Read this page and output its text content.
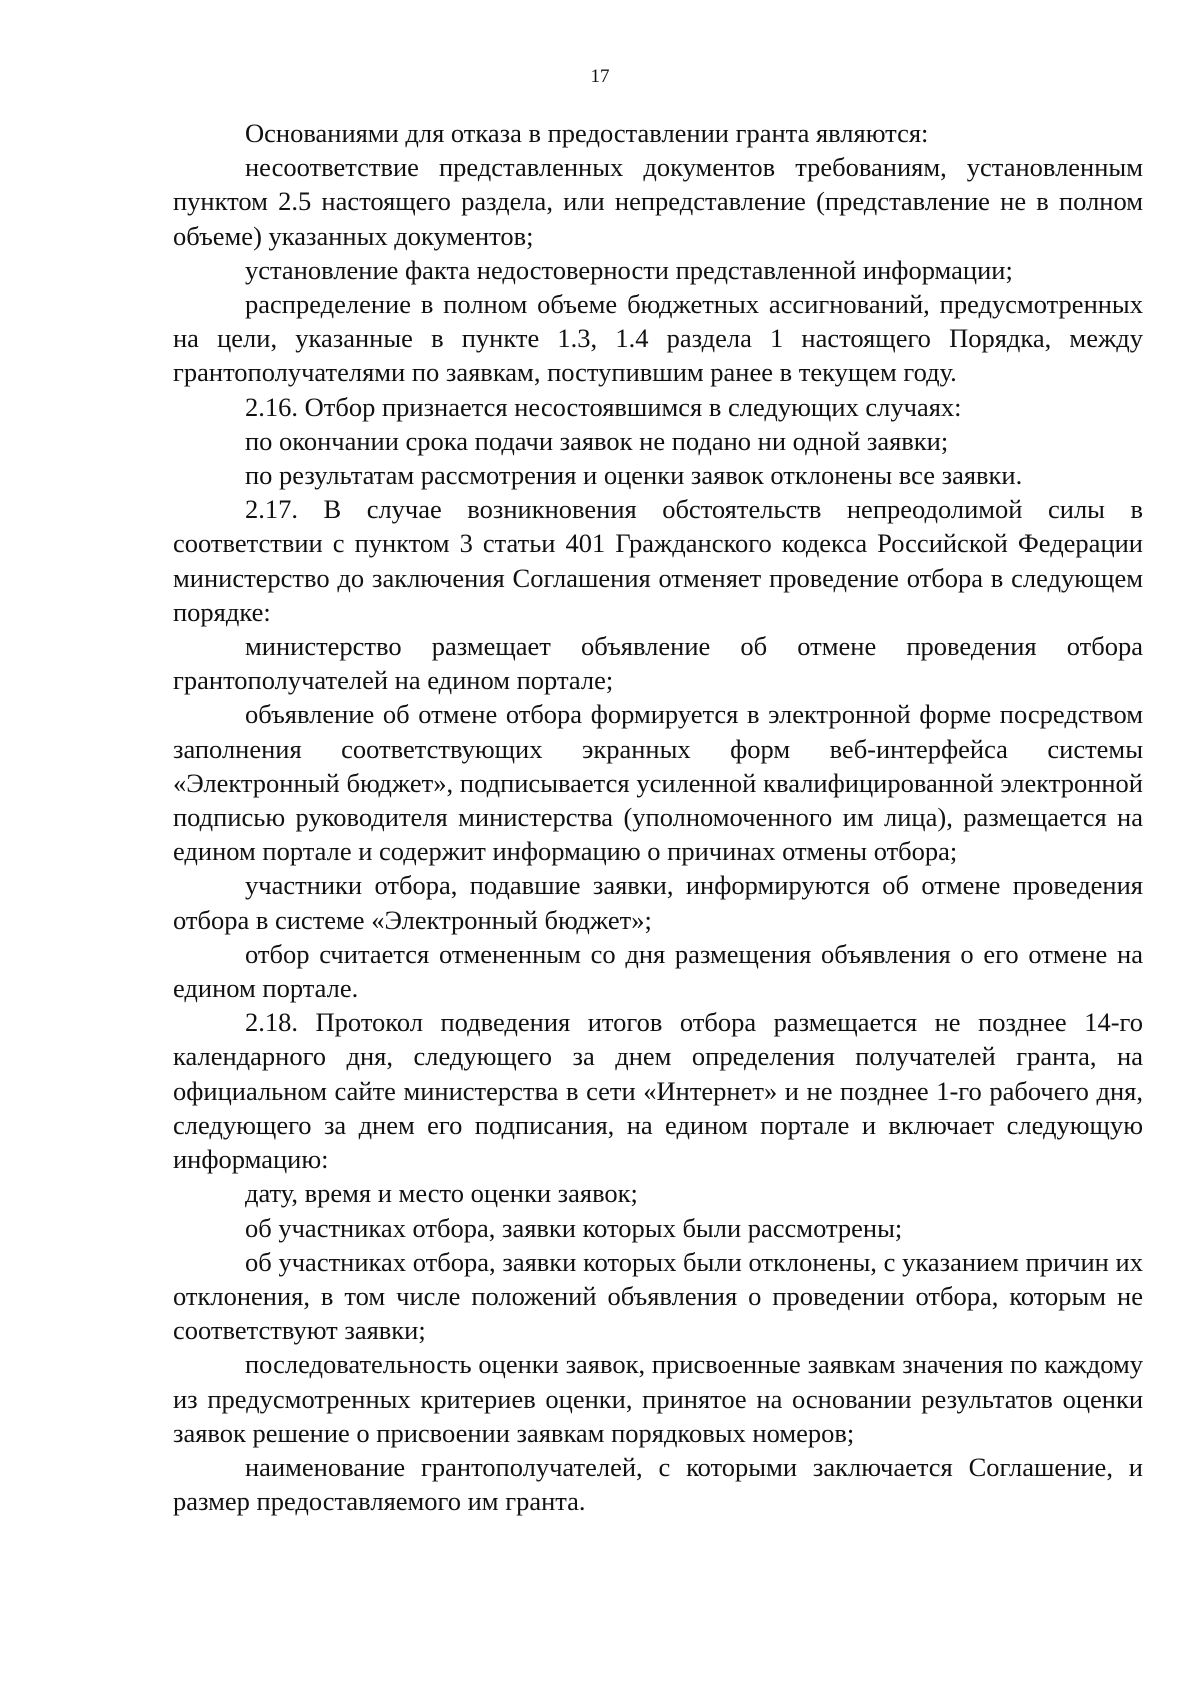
17

Основаниями для отказа в предоставлении гранта являются:

несоответствие представленных документов требованиям, установленным пунктом 2.5 настоящего раздела, или непредставление (представление не в полном объеме) указанных документов;

установление факта недостоверности представленной информации;

распределение в полном объеме бюджетных ассигнований, предусмотренных на цели, указанные в пункте 1.3, 1.4 раздела 1 настоящего Порядка, между грантополучателями по заявкам, поступившим ранее в текущем году.

2.16. Отбор признается несостоявшимся в следующих случаях:

по окончании срока подачи заявок не подано ни одной заявки;

по результатам рассмотрения и оценки заявок отклонены все заявки.

2.17. В случае возникновения обстоятельств непреодолимой силы в соответствии с пунктом 3 статьи 401 Гражданского кодекса Российской Федерации министерство до заключения Соглашения отменяет проведение отбора в следующем порядке:

министерство размещает объявление об отмене проведения отбора грантополучателей на едином портале;

объявление об отмене отбора формируется в электронной форме посредством заполнения соответствующих экранных форм веб-интерфейса системы «Электронный бюджет», подписывается усиленной квалифицированной электронной подписью руководителя министерства (уполномоченного им лица), размещается на едином портале и содержит информацию о причинах отмены отбора;

участники отбора, подавшие заявки, информируются об отмене проведения отбора в системе «Электронный бюджет»;

отбор считается отмененным со дня размещения объявления о его отмене на едином портале.

2.18. Протокол подведения итогов отбора размещается не позднее 14-го календарного дня, следующего за днем определения получателей гранта, на официальном сайте министерства в сети «Интернет» и не позднее 1-го рабочего дня, следующего за днем его подписания, на едином портале и включает следующую информацию:

дату, время и место оценки заявок;

об участниках отбора, заявки которых были рассмотрены;

об участниках отбора, заявки которых были отклонены, с указанием причин их отклонения, в том числе положений объявления о проведении отбора, которым не соответствуют заявки;

последовательность оценки заявок, присвоенные заявкам значения по каждому из предусмотренных критериев оценки, принятое на основании результатов оценки заявок решение о присвоении заявкам порядковых номеров;

наименование грантополучателей, с которыми заключается Соглашение, и размер предоставляемого им гранта.
